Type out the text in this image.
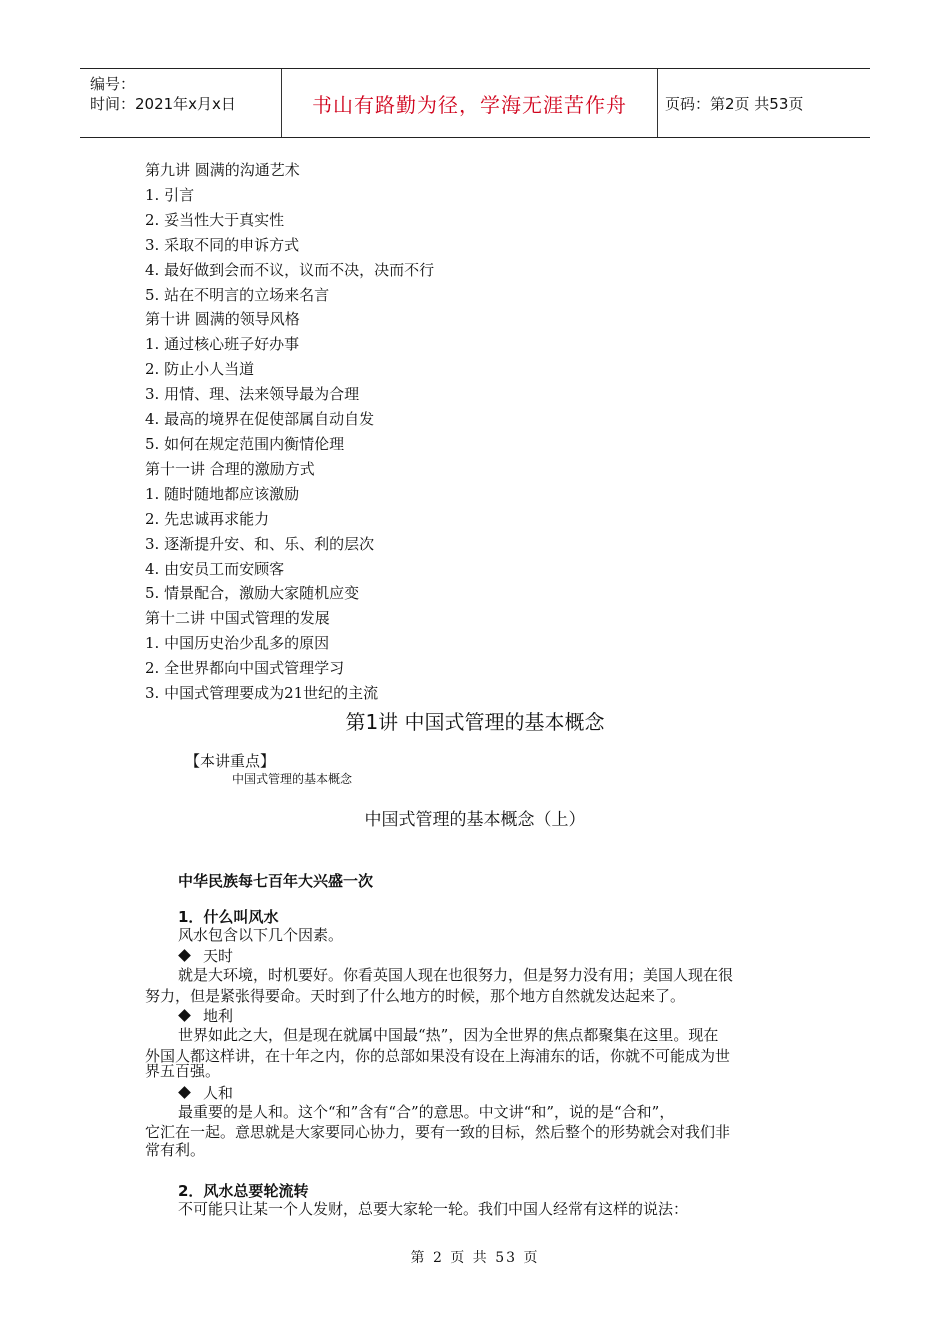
编号：
时间：2021年x月x日	书山有路勤为径，学海无涯苦作舟	页码：第2页 共53页
第九讲 圆满的沟通艺术
1. 引言
2. 妥当性大于真实性
3. 采取不同的申诉方式
4. 最好做到会而不议，议而不决，决而不行
5. 站在不明言的立场来名言
第十讲 圆满的领导风格
1. 通过核心班子好办事
2. 防止小人当道
3. 用情、理、法来领导最为合理
4. 最高的境界在促使部属自动自发
5. 如何在规定范围内衡情伦理
第十一讲 合理的激励方式
1. 随时随地都应该激励
2. 先忠诚再求能力
3. 逐渐提升安、和、乐、利的层次
4. 由安员工而安顾客
5. 情景配合，激励大家随机应变
第十二讲 中国式管理的发展
1. 中国历史治少乱多的原因
2. 全世界都向中国式管理学习
3. 中国式管理要成为21世纪的主流
第1讲 中国式管理的基本概念
【本讲重点】
中国式管理的基本概念
中国式管理的基本概念（上）
中华民族每七百年大兴盛一次
1．什么叫风水
风水包含以下几个因素。
天时
就是大环境，时机要好。你看英国人现在也很努力，但是努力没有用；美国人现在很
努力，但是紧张得要命。天时到了什么地方的时候，那个地方自然就发达起来了。
地利
世界如此之大，但是现在就属中国最“热”，因为全世界的焦点都聚集在这里。现在
外国人都这样讲，在十年之内，你的总部如果没有设在上海浦东的话，你就不可能成为世
界五百强。
人和
最重要的是人和。这个“和”含有“合”的意思。中文讲“和”，说的是“合和”，
它汇在一起。意思就是大家要同心协力，要有一致的目标，然后整个的形势就会对我们非
常有利。
2．风水总要轮流转
不可能只让某一个人发财，总要大家轮一轮。我们中国人经常有这样的说法：
第 2 页 共 53 页
